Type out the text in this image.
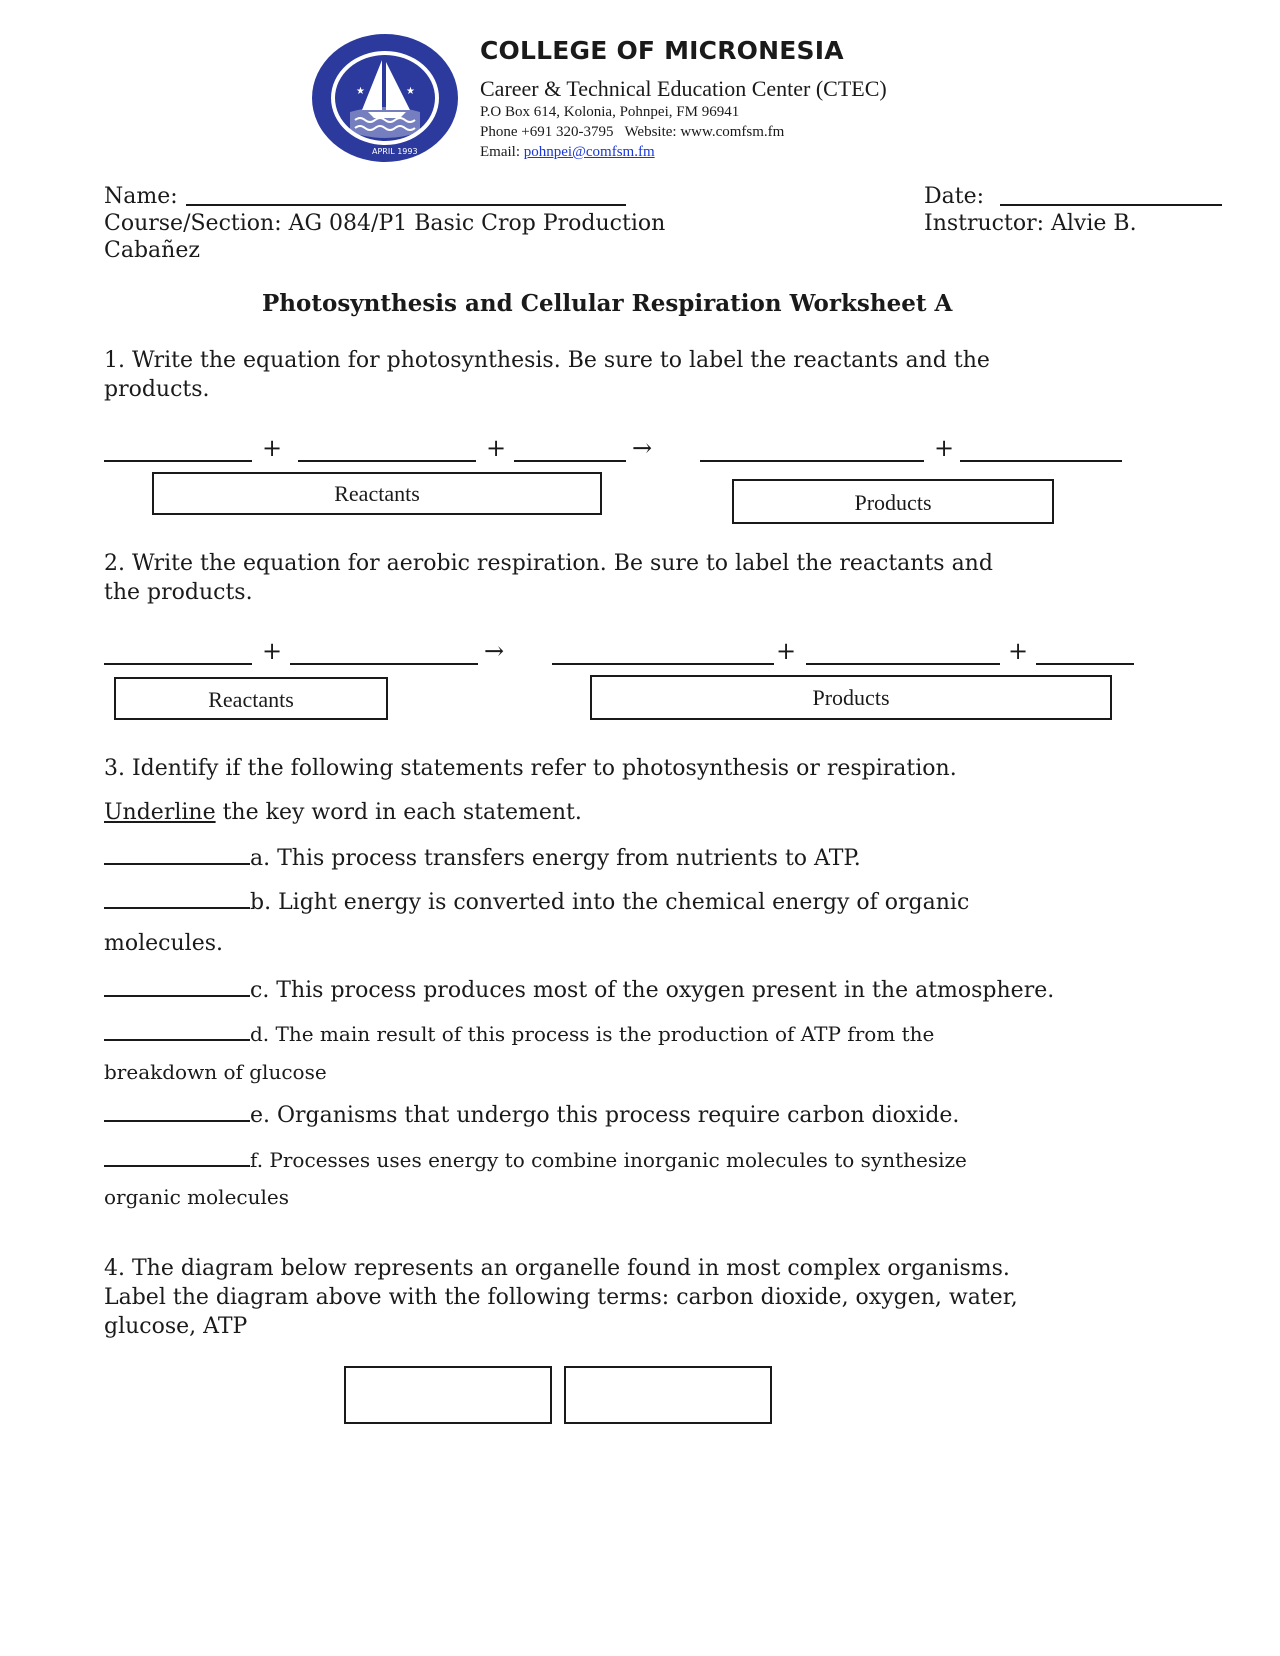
★	★
APRIL 1993
COLLEGE OF MICRONESIA
Career & Technical Education Center (CTEC)
P.O Box 614, Kolonia, Pohnpei, FM 96941
Phone +691 320-3795 Website: www.comfsm.fm
Email: pohnpei@comfsm.fm
Name:	Date:
Course/Section: AG 084/P1 Basic Crop Production	Instructor: Alvie B.
Cabañez
Photosynthesis and Cellular Respiration Worksheet A
1. Write the equation for photosynthesis. Be sure to label the reactants and the
products.
+	+	→	+
Reactants	Products
2. Write the equation for aerobic respiration. Be sure to label the reactants and
the products.
+	→	+	+
Reactants	Products
3. Identify if the following statements refer to photosynthesis or respiration.
Underline the key word in each statement.
a. This process transfers energy from nutrients to ATP.
b. Light energy is converted into the chemical energy of organic
molecules.
c. This process produces most of the oxygen present in the atmosphere.
d. The main result of this process is the production of ATP from the
breakdown of glucose
e. Organisms that undergo this process require carbon dioxide.
f. Processes uses energy to combine inorganic molecules to synthesize
organic molecules
4. The diagram below represents an organelle found in most complex organisms.
Label the diagram above with the following terms: carbon dioxide, oxygen, water,
glucose, ATP
